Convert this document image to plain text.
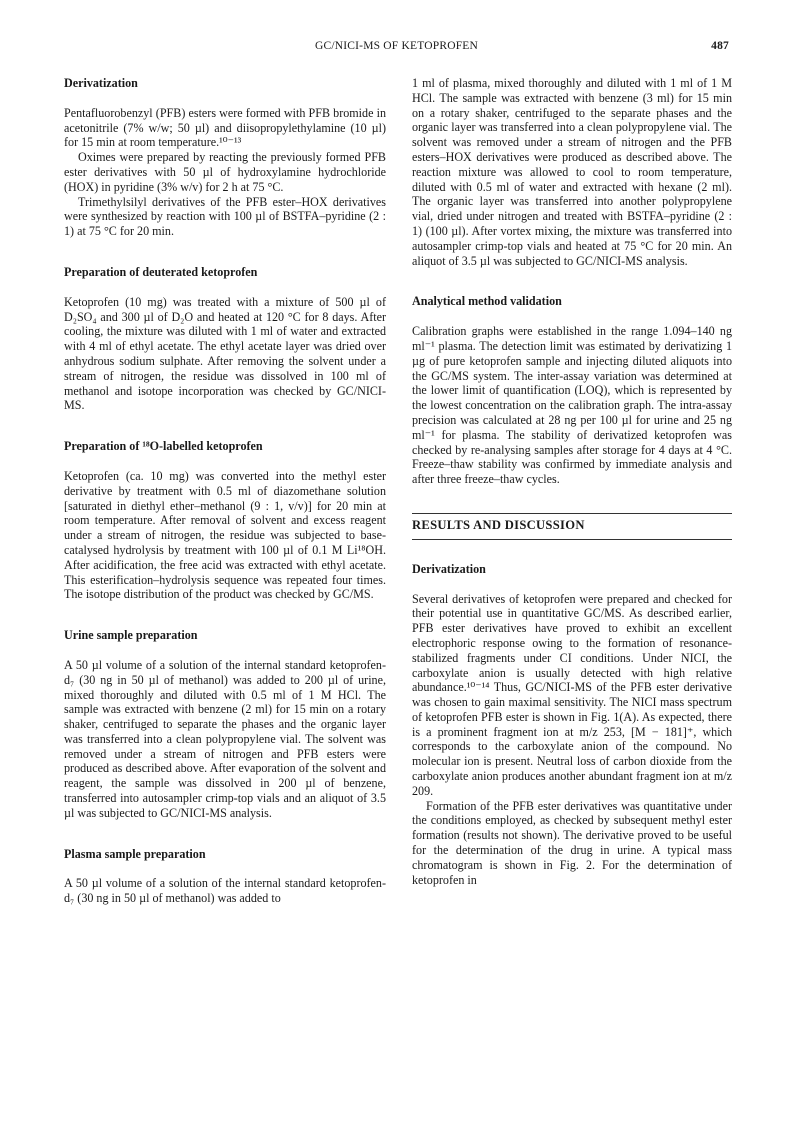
GC/NICI-MS OF KETOPROFEN	487
Derivatization

Pentafluorobenzyl (PFB) esters were formed with PFB bromide in acetonitrile (7% w/w; 50 µl) and diisopropylethylamine (10 µl) for 15 min at room temperature.¹⁰⁻¹³

Oximes were prepared by reacting the previously formed PFB ester derivatives with 50 µl of hydroxylamine hydrochloride (HOX) in pyridine (3% w/v) for 2 h at 75 °C.

Trimethylsilyl derivatives of the PFB ester–HOX derivatives were synthesized by reaction with 100 µl of BSTFA–pyridine (2 : 1) at 75 °C for 20 min.

Preparation of deuterated ketoprofen

Ketoprofen (10 mg) was treated with a mixture of 500 µl of D₂SO₄ and 300 µl of D₂O and heated at 120 °C for 8 days. After cooling, the mixture was diluted with 1 ml of water and extracted with 4 ml of ethyl acetate. The ethyl acetate layer was dried over anhydrous sodium sulphate. After removing the solvent under a stream of nitrogen, the residue was dissolved in 100 ml of methanol and isotope incorporation was checked by GC/NICI-MS.

Preparation of ¹⁸O-labelled ketoprofen

Ketoprofen (ca. 10 mg) was converted into the methyl ester derivative by treatment with 0.5 ml of diazomethane solution [saturated in diethyl ether–methanol (9 : 1, v/v)] for 20 min at room temperature. After removal of solvent and excess reagent under a stream of nitrogen, the residue was subjected to base-catalysed hydrolysis by treatment with 100 µl of 0.1 M Li¹⁸OH. After acidification, the free acid was extracted with ethyl acetate. This esterification–hydrolysis sequence was repeated four times. The isotope distribution of the product was checked by GC/MS.

Urine sample preparation

A 50 µl volume of a solution of the internal standard ketoprofen-d₇ (30 ng in 50 µl of methanol) was added to 200 µl of urine, mixed thoroughly and diluted with 0.5 ml of 1 M HCl. The sample was extracted with benzene (2 ml) for 15 min on a rotary shaker, centrifuged to separate the phases and the organic layer was transferred into a clean polypropylene vial. The solvent was removed under a stream of nitrogen and PFB esters were produced as described above. After evaporation of the solvent and reagent, the sample was dissolved in 200 µl of benzene, transferred into autosampler crimp-top vials and an aliquot of 3.5 µl was subjected to GC/NICI-MS analysis.

Plasma sample preparation

A 50 µl volume of a solution of the internal standard ketoprofen-d₇ (30 ng in 50 µl of methanol) was added to

1 ml of plasma, mixed thoroughly and diluted with 1 ml of 1 M HCl. The sample was extracted with benzene (3 ml) for 15 min on a rotary shaker, centrifuged to the separate phases and the organic layer was transferred into a clean polypropylene vial. The solvent was removed under a stream of nitrogen and the PFB esters–HOX derivatives were produced as described above. The reaction mixture was allowed to cool to room temperature, diluted with 0.5 ml of water and extracted with hexane (2 ml). The organic layer was transferred into another polypropylene vial, dried under nitrogen and treated with BSTFA–pyridine (2 : 1) (100 µl). After vortex mixing, the mixture was transferred into autosampler crimp-top vials and heated at 75 °C for 20 min. An aliquot of 3.5 µl was subjected to GC/NICI-MS analysis.

Analytical method validation

Calibration graphs were established in the range 1.094–140 ng ml⁻¹ plasma. The detection limit was estimated by derivatizing 1 µg of pure ketoprofen sample and injecting diluted aliquots into the GC/MS system. The inter-assay variation was determined at the lower limit of quantification (LOQ), which is represented by the lowest concentration on the calibration graph. The intra-assay precision was calculated at 28 ng per 100 µl for urine and 25 ng ml⁻¹ for plasma. The stability of derivatized ketoprofen was checked by re-analysing samples after storage for 4 days at 4 °C. Freeze–thaw stability was confirmed by immediate analysis and after three freeze–thaw cycles.

RESULTS AND DISCUSSION
Derivatization

Several derivatives of ketoprofen were prepared and checked for their potential use in quantitative GC/MS. As described earlier, PFB ester derivatives have proved to exhibit an excellent electrophoric response owing to the formation of resonance-stabilized fragments under CI conditions. Under NICI, the carboxylate anion is usually detected with high relative abundance.¹⁰⁻¹⁴ Thus, GC/NICI-MS of the PFB ester derivative was chosen to gain maximal sensitivity. The NICI mass spectrum of ketoprofen PFB ester is shown in Fig. 1(A). As expected, there is a prominent fragment ion at m/z 253, [M − 181]⁺, which corresponds to the carboxylate anion of the compound. No molecular ion is present. Neutral loss of carbon dioxide from the carboxylate anion produces another abundant fragment ion at m/z 209.

Formation of the PFB ester derivatives was quantitative under the conditions employed, as checked by subsequent methyl ester formation (results not shown). The derivative proved to be useful for the determination of the drug in urine. A typical mass chromatogram is shown in Fig. 2. For the determination of ketoprofen in
